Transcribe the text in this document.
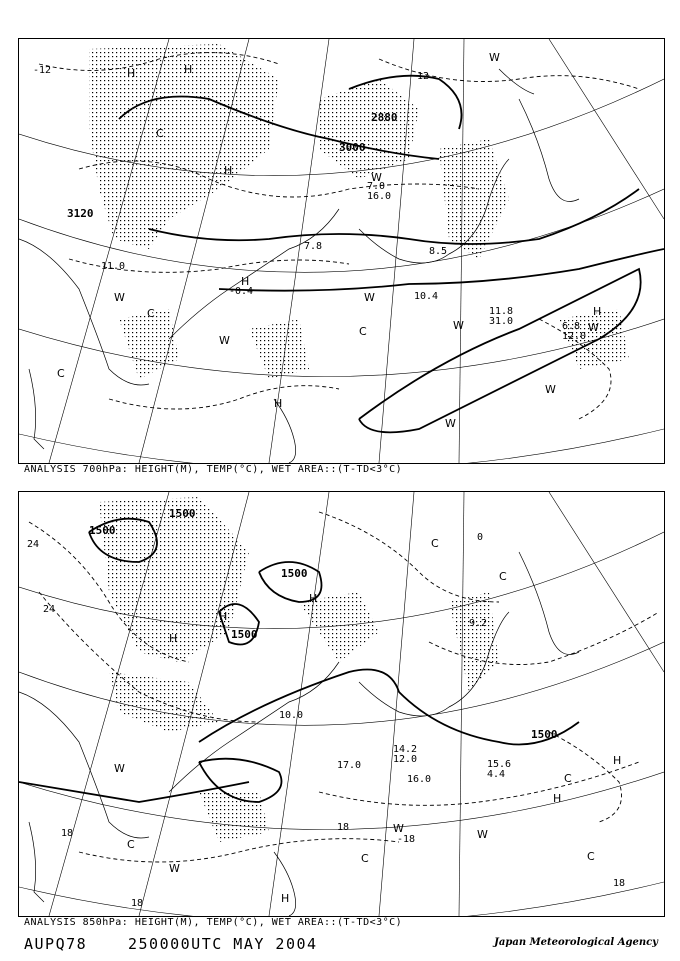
3000
3120
2880
-12
-12
H	H
H
W
C
C
W
H
W
C	W
H
W
W
W
W
C
H
W
11.8
31.0	6.8
12.0
10.4
11.0
7.0
16.0
-0.4
7.8	8.5
ANALYSIS 700hPa: HEIGHT(M), TEMP(°C), WET AREA::(T-TD<3°C)
1500
1500
1500
1500
1500
24
24
18
18
18
18
-18
0
H
H
H
C
W
C
W
H
C
W
C
H
C
H
W
C
15.6
4.4
14.2
12.0
16.0
17.0
10.0
9.2
ANALYSIS 850hPa: HEIGHT(M), TEMP(°C), WET AREA::(T-TD<3°C)
AUPQ78	250000UTC MAY 2004	Japan Meteorological Agency
